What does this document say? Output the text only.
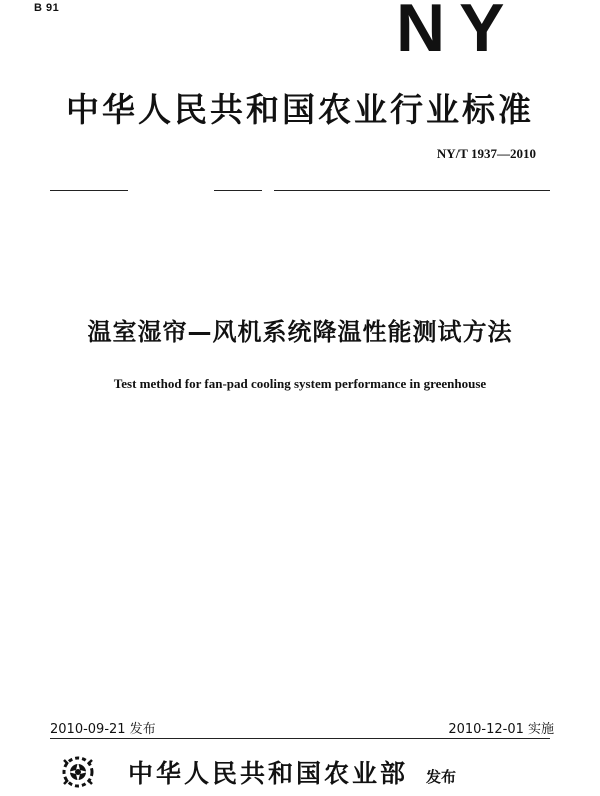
B 91	NY
中华人民共和国农业行业标准
NY/T 1937—2010
温室湿帘—风机系统降温性能测试方法
Test method for fan-pad cooling system performance in greenhouse
2010-09-21 发布	2010-12-01 实施
中华人民共和国农业部 发布
